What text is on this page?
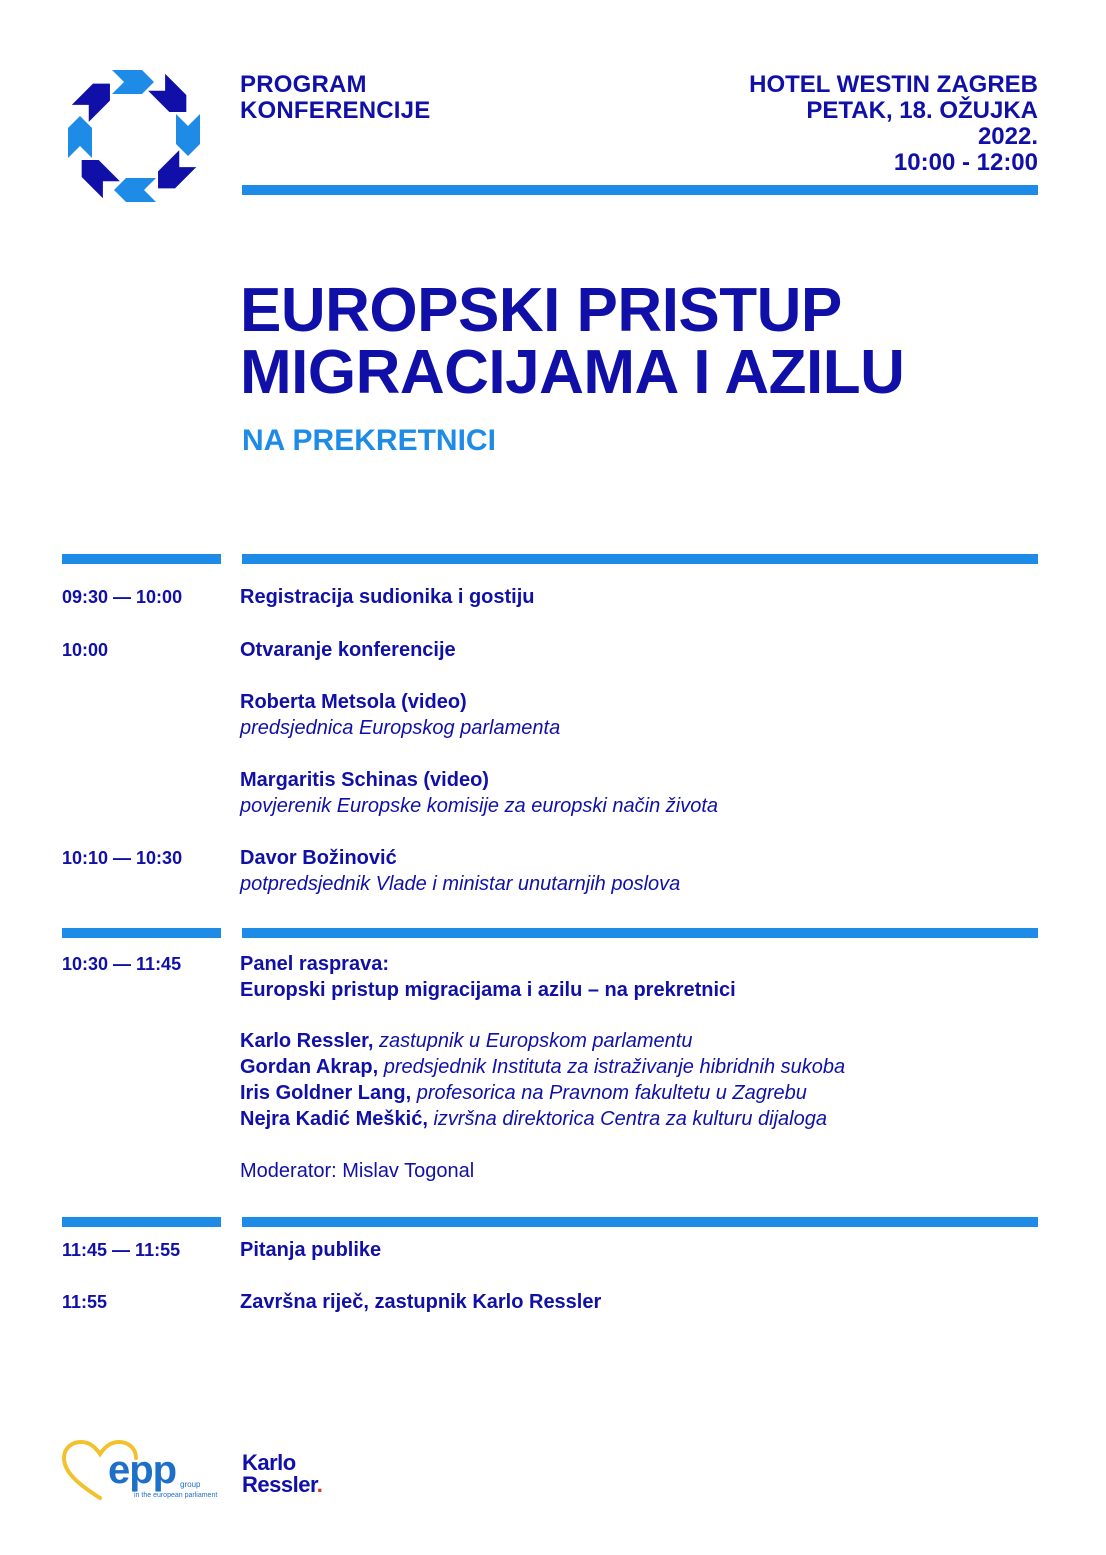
PROGRAM
KONFERENCIJE
HOTEL WESTIN ZAGREB
PETAK, 18. OŽUJKA
2022.
10:00 - 12:00
EUROPSKI PRISTUP
MIGRACIJAMA I AZILU
NA PREKRETNICI
09:30 — 10:00	Registracija sudionika i gostiju
10:00	Otvaranje konferencije
Roberta Metsola (video)
predsjednica Europskog parlamenta
Margaritis Schinas (video)
povjerenik Europske komisije za europski način života
10:10 — 10:30	Davor Božinović
potpredsjednik Vlade i ministar unutarnjih poslova
10:30 — 11:45	Panel rasprava:
Europski pristup migracijama i azilu – na prekretnici
Karlo Ressler, zastupnik u Europskom parlamentu
Gordan Akrap, predsjednik Instituta za istraživanje hibridnih sukoba
Iris Goldner Lang, profesorica na Pravnom fakultetu u Zagrebu
Nejra Kadić Meškić, izvršna direktorica Centra za kulturu dijaloga
Moderator: Mislav Togonal
11:45 — 11:55	Pitanja publike
11:55	Završna riječ, zastupnik Karlo Ressler
epp group
in the european parliament
Karlo
Ressler.
